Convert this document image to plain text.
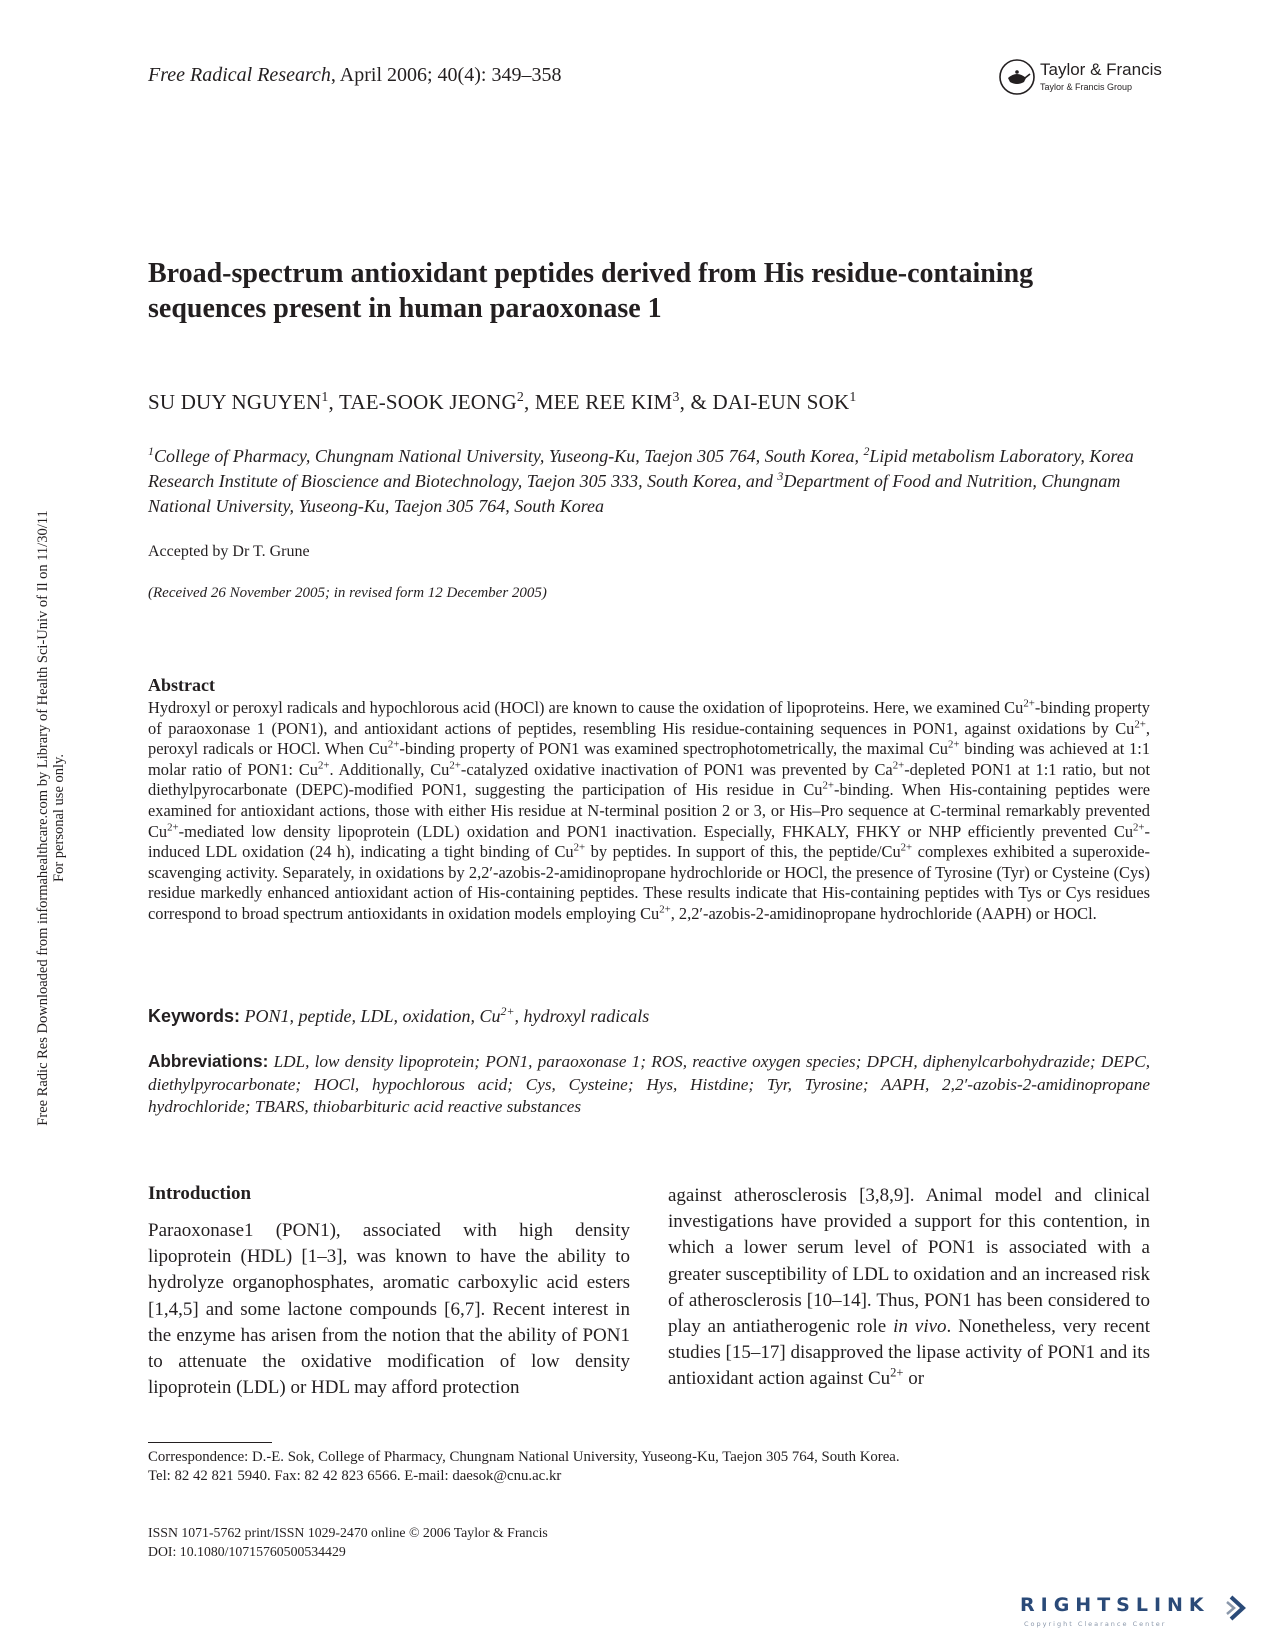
Free Radical Research, April 2006; 40(4): 349–358	Taylor & Francis
Taylor & Francis Group
Broad-spectrum antioxidant peptides derived from His residue-containing sequences present in human paraoxonase 1
SU DUY NGUYEN$^1$, TAE-SOOK JEONG$^2$, MEE REE KIM$^3$, & DAI-EUN SOK$^1$
$^1$College of Pharmacy, Chungnam National University, Yuseong-Ku, Taejon 305 764, South Korea, $^2$Lipid metabolism Laboratory, Korea Research Institute of Bioscience and Biotechnology, Taejon 305 333, South Korea, and $^3$Department of Food and Nutrition, Chungnam National University, Yuseong-Ku, Taejon 305 764, South Korea
Accepted by Dr T. Grune
(Received 26 November 2005; in revised form 12 December 2005)
Abstract
Hydroxyl or peroxyl radicals and hypochlorous acid (HOCl) are known to cause the oxidation of lipoproteins. Here, we examined $Cu^{2+}$-binding property of paraoxonase 1 (PON1), and antioxidant actions of peptides, resembling His residue-containing sequences in PON1, against oxidations by $Cu^{2+}$, peroxyl radicals or HOCl. When $Cu^{2+}$-binding property of PON1 was examined spectrophotometrically, the maximal $Cu^{2+}$ binding was achieved at 1:1 molar ratio of PON1: $Cu^{2+}$. Additionally, $Cu^{2+}$-catalyzed oxidative inactivation of PON1 was prevented by $Ca^{2+}$-depleted PON1 at 1:1 ratio, but not diethylpyrocarbonate (DEPC)-modified PON1, suggesting the participation of His residue in $Cu^{2+}$-binding. When His-containing peptides were examined for antioxidant actions, those with either His residue at N-terminal position 2 or 3, or His–Pro sequence at C-terminal remarkably prevented $Cu^{2+}$-mediated low density lipoprotein (LDL) oxidation and PON1 inactivation. Especially, FHKALY, FHKY or NHP efficiently prevented $Cu^{2+}$-induced LDL oxidation (24 h), indicating a tight binding of $Cu^{2+}$ by peptides. In support of this, the peptide/$Cu^{2+}$ complexes exhibited a superoxide-scavenging activity. Separately, in oxidations by 2,2′-azobis-2-amidinopropane hydrochloride or HOCl, the presence of Tyrosine (Tyr) or Cysteine (Cys) residue markedly enhanced antioxidant action of His-containing peptides. These results indicate that His-containing peptides with Tys or Cys residues correspond to broad spectrum antioxidants in oxidation models employing $Cu^{2+}$, 2,2′-azobis-2-amidinopropane hydrochloride (AAPH) or HOCl.
Keywords: PON1, peptide, LDL, oxidation, $Cu^{2+}$, hydroxyl radicals
Abbreviations: LDL, low density lipoprotein; PON1, paraoxonase 1; ROS, reactive oxygen species; DPCH, diphenylcarbohydrazide; DEPC, diethylpyrocarbonate; HOCl, hypochlorous acid; Cys, Cysteine; Hys, Histdine; Tyr, Tyrosine; AAPH, 2,2′-azobis-2-amidinopropane hydrochloride; TBARS, thiobarbituric acid reactive substances
Introduction
Paraoxonase1 (PON1), associated with high density lipoprotein (HDL) [1–3], was known to have the ability to hydrolyze organophosphates, aromatic carboxylic acid esters [1,4,5] and some lactone compounds [6,7]. Recent interest in the enzyme has arisen from the notion that the ability of PON1 to attenuate the oxidative modification of low density lipoprotein (LDL) or HDL may afford protection
against atherosclerosis [3,8,9]. Animal model and clinical investigations have provided a support for this contention, in which a lower serum level of PON1 is associated with a greater susceptibility of LDL to oxidation and an increased risk of atherosclerosis [10–14]. Thus, PON1 has been considered to play an antiatherogenic role in vivo. Nonetheless, very recent studies [15–17] disapproved the lipase activity of PON1 and its antioxidant action against $Cu^{2+}$ or
Correspondence: D.-E. Sok, College of Pharmacy, Chungnam National University, Yuseong-Ku, Taejon 305 764, South Korea.
Tel: 82 42 821 5940. Fax: 82 42 823 6566. E-mail: daesok@cnu.ac.kr
ISSN 1071-5762 print/ISSN 1029-2470 online © 2006 Taylor & Francis
DOI: 10.1080/10715760500534429
Free Radic Res Downloaded from informahealthcare.com by Library of Health Sci-Univ of Il on 11/30/11 For personal use only.
RIGHTSLINK
Copyright Clearance Center
